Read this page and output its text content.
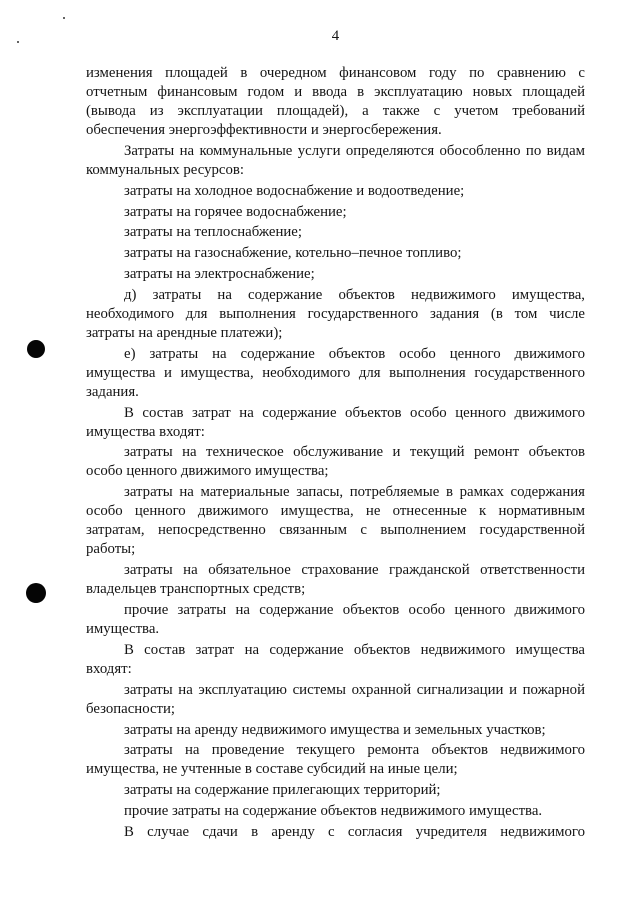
4
изменения площадей в очередном финансовом году по сравнению с
отчетным финансовым годом и ввода в эксплуатацию новых площадей
(вывода из эксплуатации площадей), а также с учетом требований
обеспечения энергоэффективности и энергосбережения.
Затраты на коммунальные услуги определяются обособленно по видам
коммунальных ресурсов:
затраты на холодное водоснабжение и водоотведение;
затраты на горячее водоснабжение;
затраты на теплоснабжение;
затраты на газоснабжение, котельно–печное топливо;
затраты на электроснабжение;
д) затраты на содержание объектов недвижимого имущества,
необходимого для выполнения государственного задания (в том числе
затраты на арендные платежи);
е) затраты на содержание объектов особо ценного движимого
имущества и имущества, необходимого для выполнения государственного
задания.
В состав затрат на содержание объектов особо ценного движимого
имущества входят:
затраты на техническое обслуживание и текущий ремонт объектов
особо ценного движимого имущества;
затраты на материальные запасы, потребляемые в рамках содержания
особо ценного движимого имущества, не отнесенные к нормативным
затратам, непосредственно связанным с выполнением государственной
работы;
затраты на обязательное страхование гражданской ответственности
владельцев транспортных средств;
прочие затраты на содержание объектов особо ценного движимого
имущества.
В состав затрат на содержание объектов недвижимого имущества
входят:
затраты на эксплуатацию системы охранной сигнализации и пожарной
безопасности;
затраты на аренду недвижимого имущества и земельных участков;
затраты на проведение текущего ремонта объектов недвижимого
имущества, не учтенные в составе субсидий на иные цели;
затраты на содержание прилегающих территорий;
прочие затраты на содержание объектов недвижимого имущества.
В случае сдачи в аренду с согласия учредителя недвижимого
